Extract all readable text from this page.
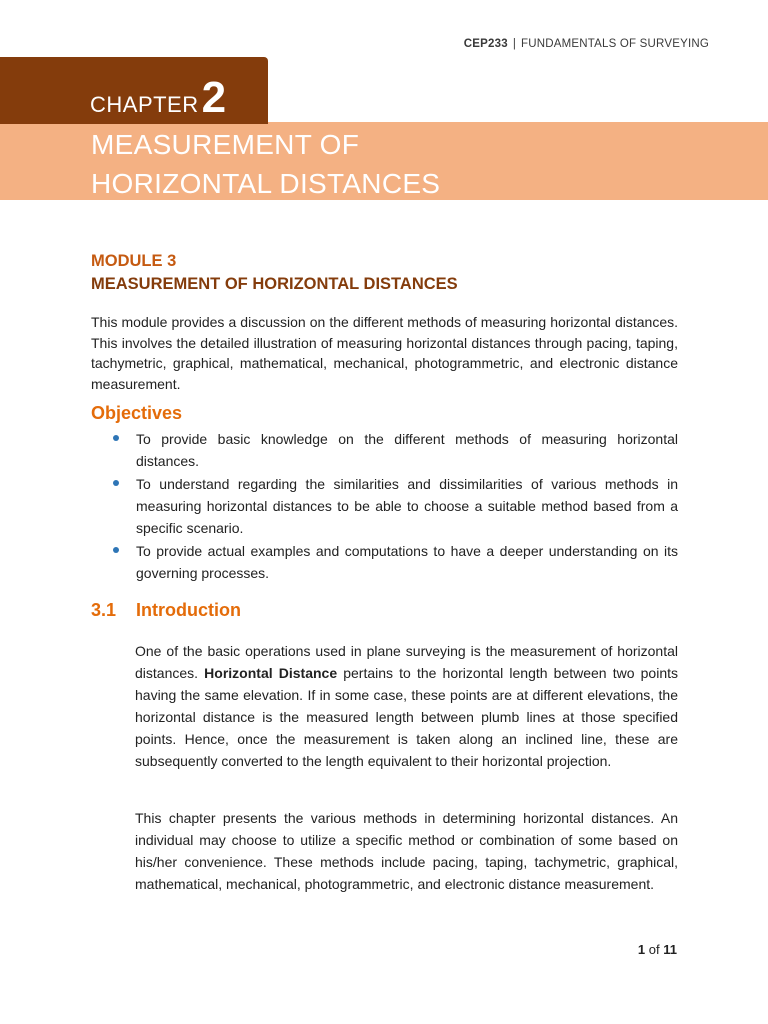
CEP233 | FUNDAMENTALS OF SURVEYING
CHAPTER2
MEASUREMENT OF
HORIZONTAL DISTANCES
MODULE 3
MEASUREMENT OF HORIZONTAL DISTANCES
This module provides a discussion on the different methods of measuring horizontal distances. This involves the detailed illustration of measuring horizontal distances through pacing, taping, tachymetric, graphical, mathematical, mechanical, photogrammetric, and electronic distance measurement.
Objectives
To provide basic knowledge on the different methods of measuring horizontal distances.
To understand regarding the similarities and dissimilarities of various methods in measuring horizontal distances to be able to choose a suitable method based from a specific scenario.
To provide actual examples and computations to have a deeper understanding on its governing processes.
3.1 Introduction
One of the basic operations used in plane surveying is the measurement of horizontal distances. Horizontal Distance pertains to the horizontal length between two points having the same elevation. If in some case, these points are at different elevations, the horizontal distance is the measured length between plumb lines at those specified points. Hence, once the measurement is taken along an inclined line, these are subsequently converted to the length equivalent to their horizontal projection.
This chapter presents the various methods in determining horizontal distances. An individual may choose to utilize a specific method or combination of some based on his/her convenience. These methods include pacing, taping, tachymetric, graphical, mathematical, mechanical, photogrammetric, and electronic distance measurement.
1 of 11
